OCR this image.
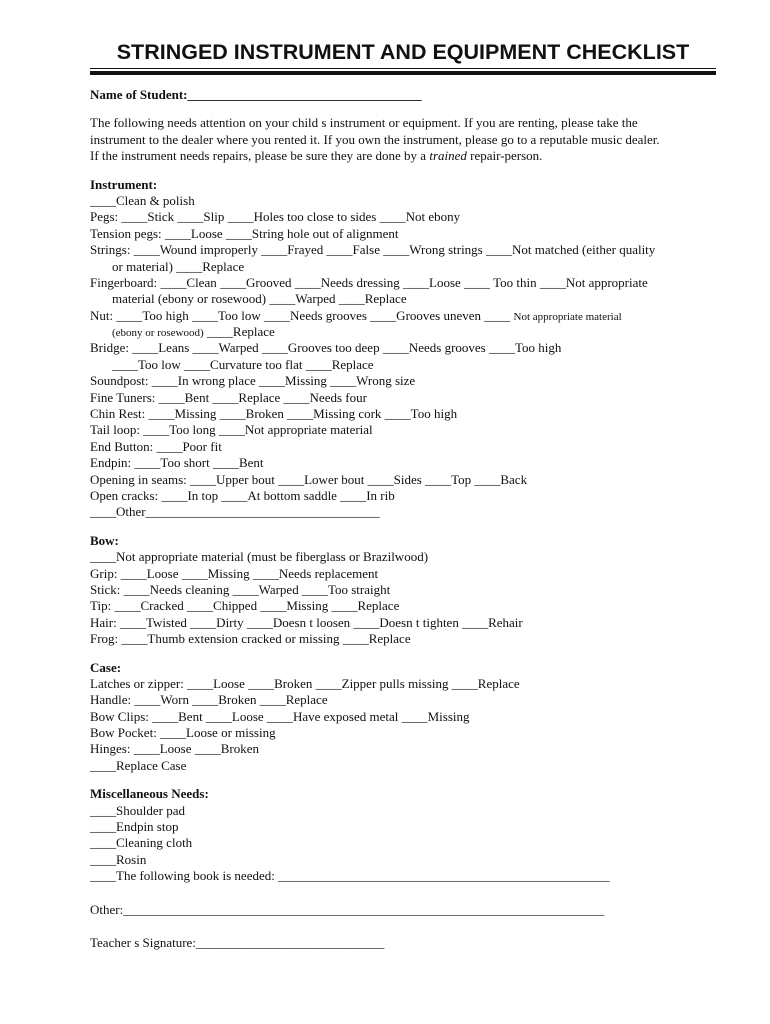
STRINGED INSTRUMENT AND EQUIPMENT CHECKLIST
Name of Student:____________________________________
The following needs attention on your child s instrument or equipment. If you are renting, please take the
instrument to the dealer where you rented it. If you own the instrument, please go to a reputable music dealer.
If the instrument needs repairs, please be sure they are done by a trained repair-person.
Instrument:
____Clean & polish
Pegs: ____Stick ____Slip ____Holes too close to sides ____Not ebony
Tension pegs: ____Loose ____String hole out of alignment
Strings: ____Wound improperly ____Frayed ____False ____Wrong strings ____Not matched (either quality
or material) ____Replace
Fingerboard: ____Clean ____Grooved ____Needs dressing ____Loose ____ Too thin ____Not appropriate
material (ebony or rosewood) ____Warped ____Replace
Nut: ____Too high ____Too low ____Needs grooves ____Grooves uneven ____ Not appropriate material
(ebony or rosewood) ____Replace
Bridge: ____Leans ____Warped ____Grooves too deep ____Needs grooves ____Too high
____Too low ____Curvature too flat ____Replace
Soundpost: ____In wrong place ____Missing ____Wrong size
Fine Tuners: ____Bent ____Replace ____Needs four
Chin Rest: ____Missing ____Broken ____Missing cork ____Too high
Tail loop: ____Too long ____Not appropriate material
End Button: ____Poor fit
Endpin: ____Too short ____Bent
Opening in seams: ____Upper bout ____Lower bout ____Sides ____Top ____Back
Open cracks: ____In top ____At bottom saddle ____In rib
____Other____________________________________
Bow:
____Not appropriate material (must be fiberglass or Brazilwood)
Grip: ____Loose ____Missing ____Needs replacement
Stick: ____Needs cleaning ____Warped ____Too straight
Tip: ____Cracked ____Chipped ____Missing ____Replace
Hair: ____Twisted ____Dirty ____Doesn t loosen ____Doesn t tighten ____Rehair
Frog: ____Thumb extension cracked or missing ____Replace
Case:
Latches or zipper: ____Loose ____Broken ____Zipper pulls missing ____Replace
Handle: ____Worn ____Broken ____Replace
Bow Clips: ____Bent ____Loose ____Have exposed metal ____Missing
Bow Pocket: ____Loose or missing
Hinges: ____Loose ____Broken
____Replace Case
Miscellaneous Needs:
____Shoulder pad
____Endpin stop
____Cleaning cloth
____Rosin
____The following book is needed: ___________________________________________________
Other:__________________________________________________________________________
Teacher s Signature:_____________________________
